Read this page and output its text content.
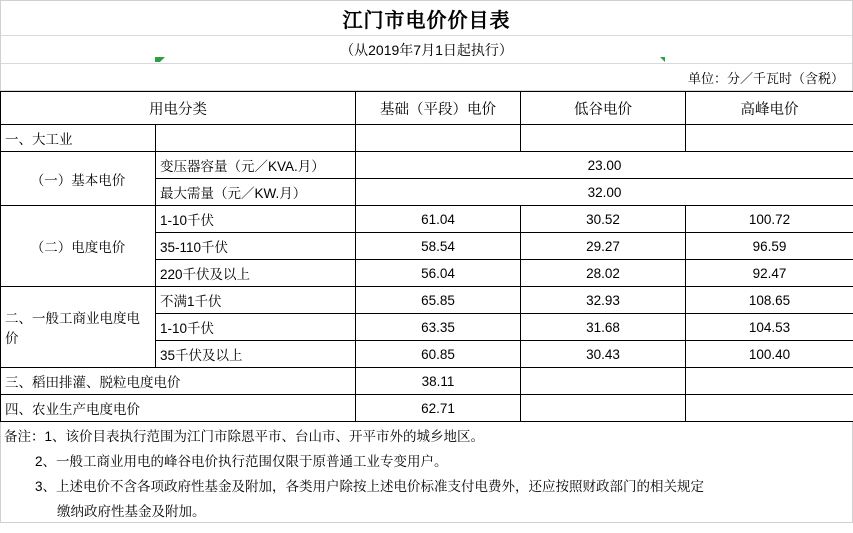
江门市电价价目表
（从2019年7月1日起执行）
单位：分／千瓦时（含税）
用电分类		基础（平段）电价	低谷电价	高峰电价
一、大工业				
（一）基本电价	变压器容量（元／KVA.月）	23.00		
	最大需量（元／KW.月）	32.00		
（二）电度电价	1-10千伏	61.04	30.52	100.72
	35-110千伏	58.54	29.27	96.59
	220千伏及以上	56.04	28.02	92.47
二、一般工商业电度电价	不满1千伏	65.85	32.93	108.65
	1-10千伏	63.35	31.68	104.53
	35千伏及以上	60.85	30.43	100.40
三、稻田排灌、脱粒电度电价		38.11		
四、农业生产电度电价		62.71		
备注：1、该价目表执行范围为江门市除恩平市、台山市、开平市外的城乡地区。
2、一般工商业用电的峰谷电价执行范围仅限于原普通工业专变用户。
3、上述电价不含各项政府性基金及附加，各类用户除按上述电价标准支付电费外，还应按照财政部门的相关规定
缴纳政府性基金及附加。
